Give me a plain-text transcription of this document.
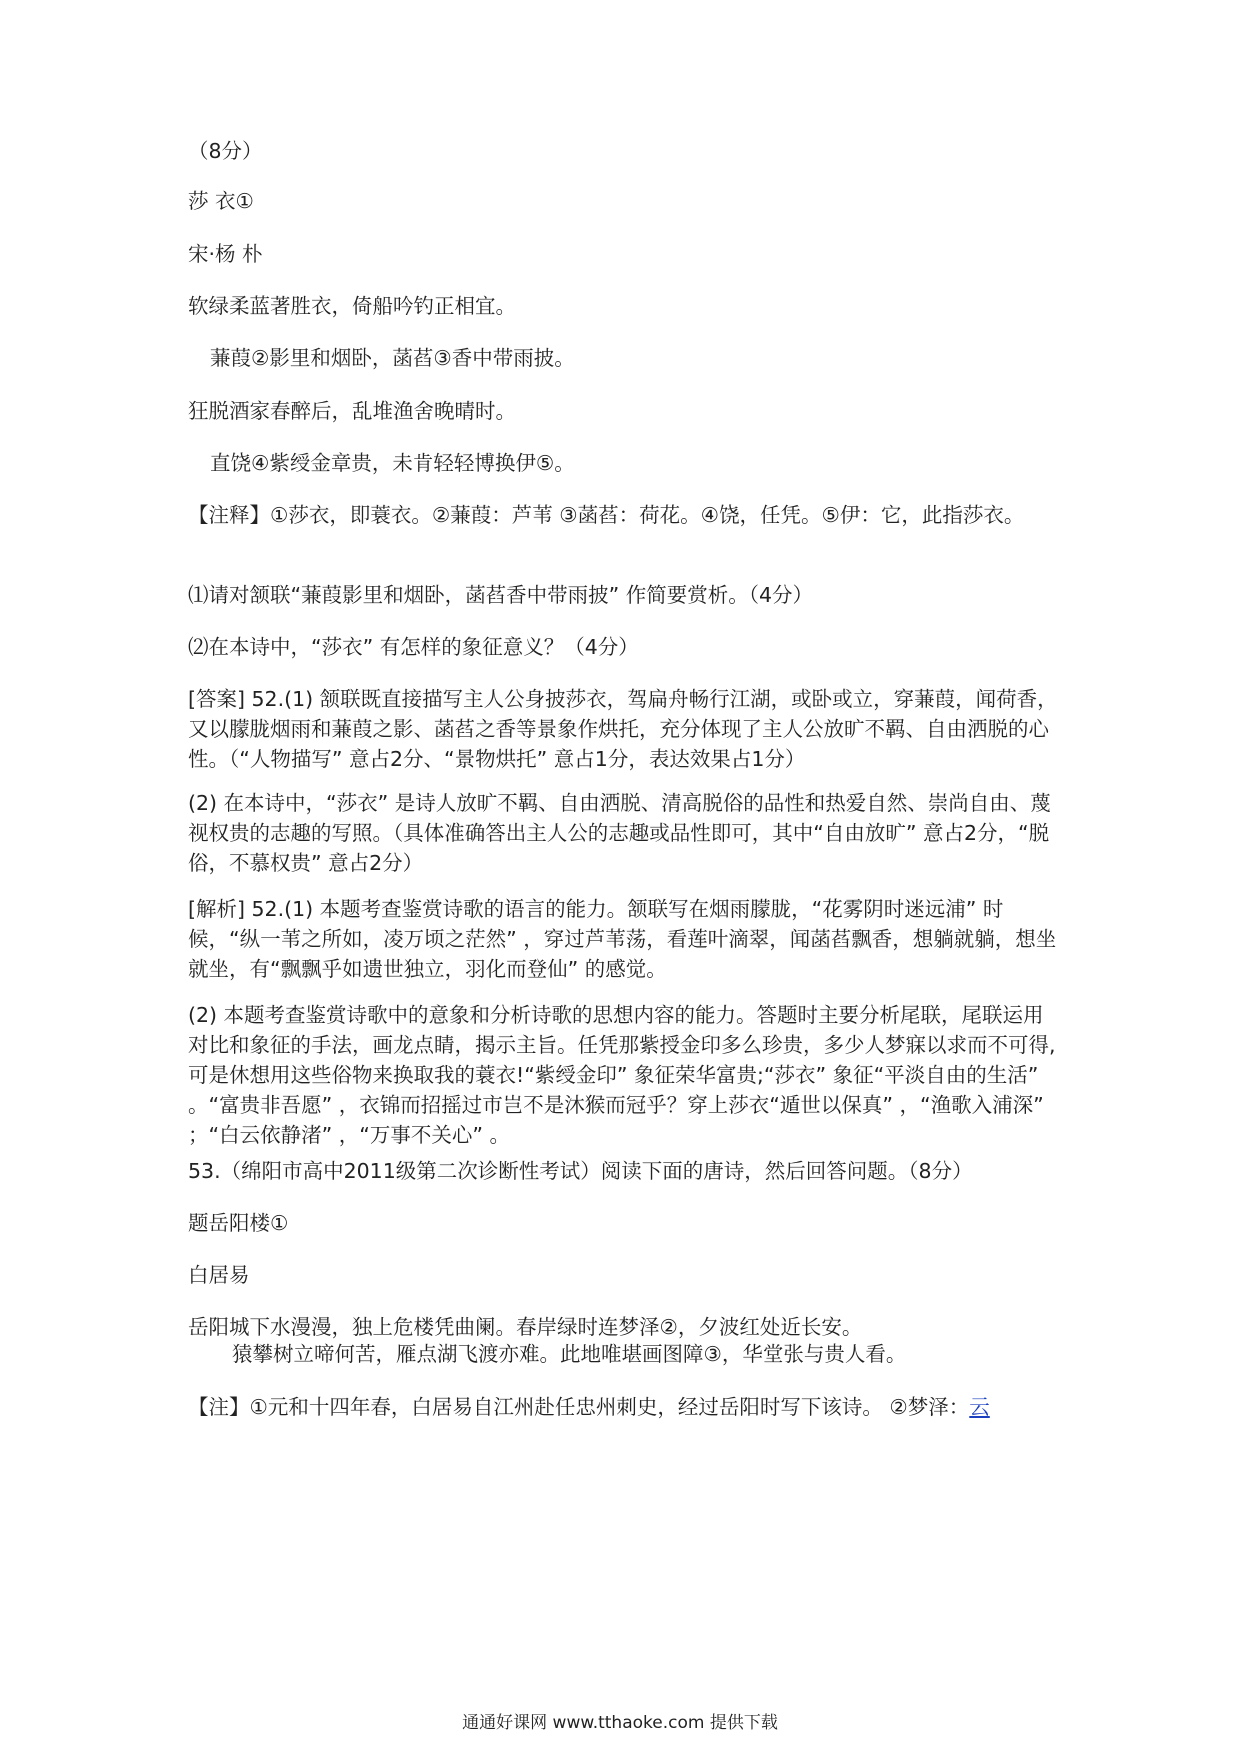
（8分）

莎 衣①

宋·杨 朴

软绿柔蓝著胜衣，倚船吟钓正相宜。

蒹葭②影里和烟卧，菡萏③香中带雨披。

狂脱酒家春醉后，乱堆渔舍晚晴时。

直饶④紫绶金章贵，未肯轻轻博换伊⑤。

【注释】①莎衣，即蓑衣。②蒹葭：芦苇 ③菡萏：荷花。④饶，任凭。⑤伊：它，此指莎衣。

⑴请对颔联“蒹葭影里和烟卧，菡萏香中带雨披” 作简要赏析。（4分）

⑵在本诗中，“莎衣” 有怎样的象征意义？（4分）

[答案] 52.(1) 颔联既直接描写主人公身披莎衣，驾扁舟畅行江湖，或卧或立，穿蒹葭，闻荷香，又以朦胧烟雨和蒹葭之影、菡萏之香等景象作烘托，充分体现了主人公放旷不羁、自由洒脱的心性。（“人物描写” 意占2分、“景物烘托” 意占1分，表达效果占1分）

(2) 在本诗中，“莎衣” 是诗人放旷不羁、自由洒脱、清高脱俗的品性和热爱自然、崇尚自由、蔑视权贵的志趣的写照。（具体准确答出主人公的志趣或品性即可，其中“自由放旷” 意占2分，“脱俗，不慕权贵” 意占2分）

[解析] 52.(1) 本题考查鉴赏诗歌的语言的能力。颔联写在烟雨朦胧，“花雾阴时迷远浦” 时候，“纵一苇之所如，凌万顷之茫然” ，穿过芦苇荡，看莲叶滴翠，闻菡萏飘香，想躺就躺，想坐就坐，有“飘飘乎如遗世独立，羽化而登仙” 的感觉。

(2) 本题考查鉴赏诗歌中的意象和分析诗歌的思想内容的能力。答题时主要分析尾联，尾联运用对比和象征的手法，画龙点睛，揭示主旨。任凭那紫授金印多么珍贵，多少人梦寐以求而不可得,可是休想用这些俗物来换取我的蓑衣!“紫绶金印” 象征荣华富贵;“莎衣” 象征“平淡自由的生活” 。“富贵非吾愿” ，衣锦而招摇过市岂不是沐猴而冠乎？穿上莎衣“遁世以保真” ，“渔歌入浦深” ；“白云依静渚” ，“万事不关心” 。

53.（绵阳市高中2011级第二次诊断性考试）阅读下面的唐诗，然后回答问题。（8分）

题岳阳楼①

白居易

岳阳城下水漫漫，独上危楼凭曲阑。春岸绿时连梦泽②，夕波红处近长安。

猿攀树立啼何苦，雁点湖飞渡亦难。此地唯堪画图障③，华堂张与贵人看。

【注】①元和十四年春，白居易自江州赴任忠州刺史，经过岳阳时写下该诗。 ②梦泽：云

通通好课网 www.tthaoke.com 提供下载
